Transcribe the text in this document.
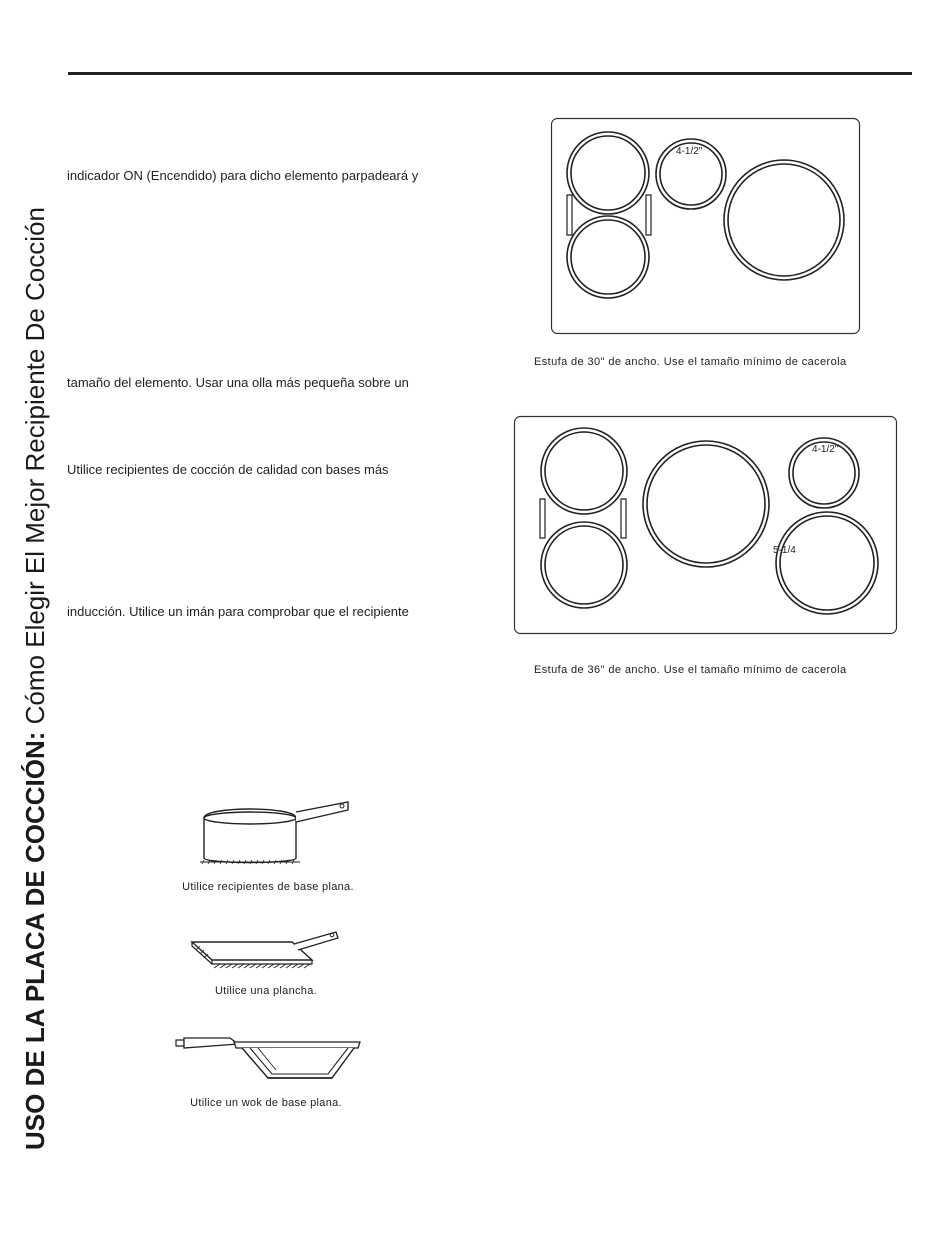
USO DE LA PLACA DE COCCIÓN: Cómo Elegir El Mejor Recipiente De Cocción
indicador ON (Encendido) para dicho elemento parpadeará y
tamaño del elemento. Usar una olla más pequeña sobre un
Utilice recipientes de cocción de calidad con bases más
inducción. Utilice un imán para comprobar que el recipiente
4-1/2"
Estufa de 30" de ancho. Use el tamaño mínimo de cacerola
4-1/2"
5-1/4
Estufa de 36" de ancho. Use el tamaño mínimo de cacerola
Utilice recipientes de base plana.
Utilice una plancha.
Utilice un wok de base plana.
